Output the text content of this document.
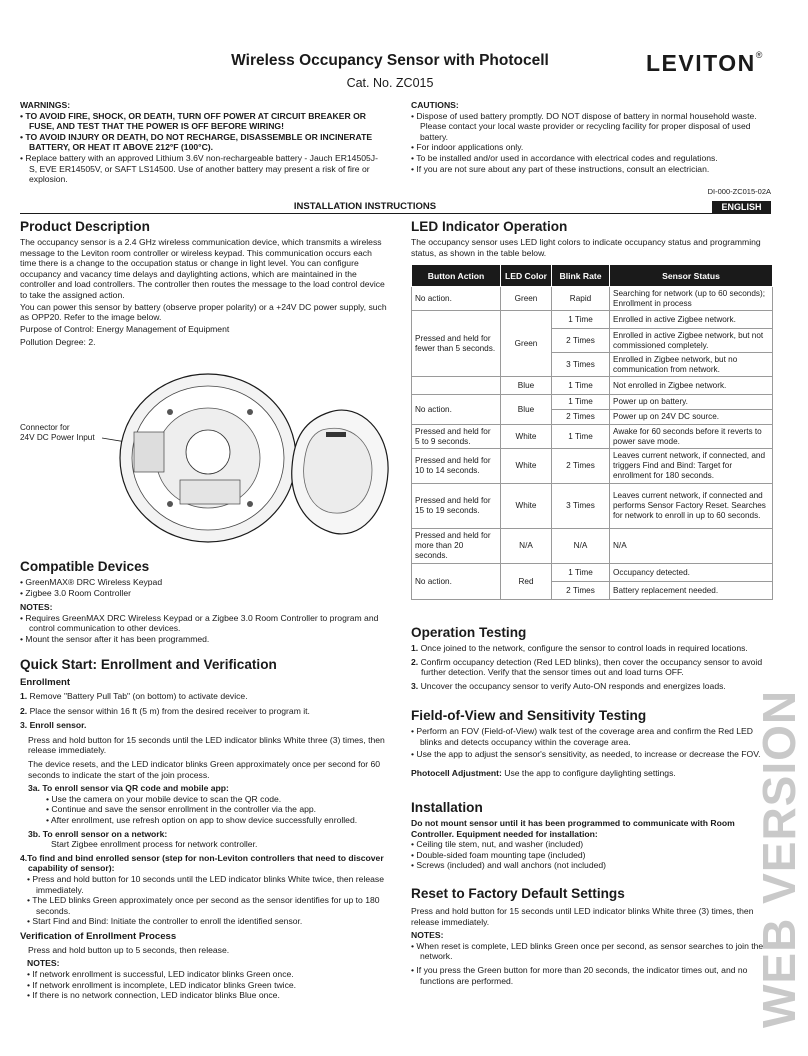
Wireless Occupancy Sensor with Photocell
Cat. No. ZC015
LEVITON®

WARNINGS:

• TO AVOID FIRE, SHOCK, OR DEATH, TURN OFF POWER AT CIRCUIT BREAKER OR FUSE, AND TEST THAT THE POWER IS OFF BEFORE WIRING!
• TO AVOID INJURY OR DEATH, DO NOT RECHARGE, DISASSEMBLE OR INCINERATE BATTERY, OR HEAT IT ABOVE 212°F (100°C).
• Replace battery with an approved Lithium 3.6V non-rechargeable battery - Jauch ER14505J-S, EVE ER14505V, or SAFT LS14500. Use of another battery may present a risk of fire or explosion.

CAUTIONS:

• Dispose of used battery promptly. DO NOT dispose of battery in normal household waste. Please contact your local waste provider or recycling facility for proper disposal of used battery.
• For indoor applications only.
• To be installed and/or used in accordance with electrical codes and regulations.
• If you are not sure about any part of these instructions, consult an electrician.
DI-000-ZC015-02A
INSTALLATION INSTRUCTIONS	ENGLISH
Product Description
The occupancy sensor is a 2.4 GHz wireless communication device, which transmits a wireless message to the Leviton room controller or wireless keypad. This communication occurs each time there is a change to the occupation status or change in light level. You can configure occupancy and vacancy time delays and daylighting actions, which are maintained in the controller and load controllers. The controller then routes the message to the load control device to take the assigned action.
You can power this sensor by battery (observe proper polarity) or a +24V DC power supply, such as OPP20. Refer to the image below.
Purpose of Control: Energy Management of Equipment
Pollution Degree: 2.
Connector for
24V DC Power Input
Compatible Devices
• GreenMAX® DRC Wireless Keypad
• Zigbee 3.0 Room Controller
NOTES:
• Requires GreenMAX DRC Wireless Keypad or a Zigbee 3.0 Room Controller to program and control communication to other devices.
• Mount the sensor after it has been programmed.
Quick Start: Enrollment and Verification
Enrollment
1. Remove "Battery Pull Tab" (on bottom) to activate device.
2. Place the sensor within 16 ft (5 m) from the desired receiver to program it.
3. Enroll sensor.
Press and hold button for 15 seconds until the LED indicator blinks White three (3) times, then release immediately.
The device resets, and the LED indicator blinks Green approximately once per second for 60 seconds to indicate the start of the join process.
3a. To enroll sensor via QR code and mobile app:
• Use the camera on your mobile device to scan the QR code.
• Continue and save the sensor enrollment in the controller via the app.
• After enrollment, use refresh option on app to show device successfully enrolled.
3b. To enroll sensor on a network:
Start Zigbee enrollment process for network controller.
4.To find and bind enrolled sensor (step for non-Leviton controllers that need to discover capability of sensor):
• Press and hold button for 10 seconds until the LED indicator blinks White twice, then release immediately.
• The LED blinks Green approximately once per second as the sensor identifies for up to 180 seconds.
• Start Find and Bind: Initiate the controller to enroll the identified sensor.
Verification of Enrollment Process
Press and hold button up to 5 seconds, then release.
NOTES:
• If network enrollment is successful, LED indicator blinks Green once.
• If network enrollment is incomplete, LED indicator blinks Green twice.
• If there is no network connection, LED indicator blinks Blue once.
LED Indicator Operation
The occupancy sensor uses LED light colors to indicate occupancy status and programming status, as shown in the table below.
Button Action	LED Color	Blink Rate	Sensor Status
No action.	Green	Rapid	Searching for network (up to 60 seconds); Enrollment in process
Pressed and held for fewer than 5 seconds.	Green	1 Time	Enrolled in active Zigbee network.
		2 Times	Enrolled in active Zigbee network, but not commissioned completely.
		3 Times	Enrolled in Zigbee network, but no communication from network.
	Blue	1 Time	Not enrolled in Zigbee network.
No action.	Blue	1 Time	Power up on battery.
		2 Times	Power up on 24V DC source.
Pressed and held for 5 to 9 seconds.	White	1 Time	Awake for 60 seconds before it reverts to power save mode.
Pressed and held for 10 to 14 seconds.	White	2 Times	Leaves current network, if connected, and triggers Find and Bind: Target for enrollment for 180 seconds.
Pressed and held for 15 to 19 seconds.	White	3 Times	Leaves current network, if connected and performs Sensor Factory Reset. Searches for network to enroll in up to 60 seconds.
Pressed and held for more than 20 seconds.	N/A	N/A	N/A
No action.	Red	1 Time	Occupancy detected.
		2 Times	Battery replacement needed.
Operation Testing
1. Once joined to the network, configure the sensor to control loads in required locations.
2. Confirm occupancy detection (Red LED blinks), then cover the occupancy sensor to avoid further detection. Verify that the sensor times out and load turns OFF.
3. Uncover the occupancy sensor to verify Auto-ON responds and energizes loads.
Field-of-View and Sensitivity Testing
• Perform an FOV (Field-of-View) walk test of the coverage area and confirm the Red LED blinks and detects occupancy within the coverage area.
• Use the app to adjust the sensor's sensitivity, as needed, to increase or decrease the FOV.
Photocell Adjustment: Use the app to configure daylighting settings.
Installation
Do not mount sensor until it has been programmed to communicate with Room Controller. Equipment needed for installation:
• Ceiling tile stem, nut, and washer (included)
• Double-sided foam mounting tape (included)
• Screws (included) and wall anchors (not included)
Reset to Factory Default Settings
Press and hold button for 15 seconds until LED indicator blinks White three (3) times, then release immediately.
NOTES:
• When reset is complete, LED blinks Green once per second, as sensor searches to join the network.
• If you press the Green button for more than 20 seconds, the indicator times out, and no functions are performed.	WEB VERSION
